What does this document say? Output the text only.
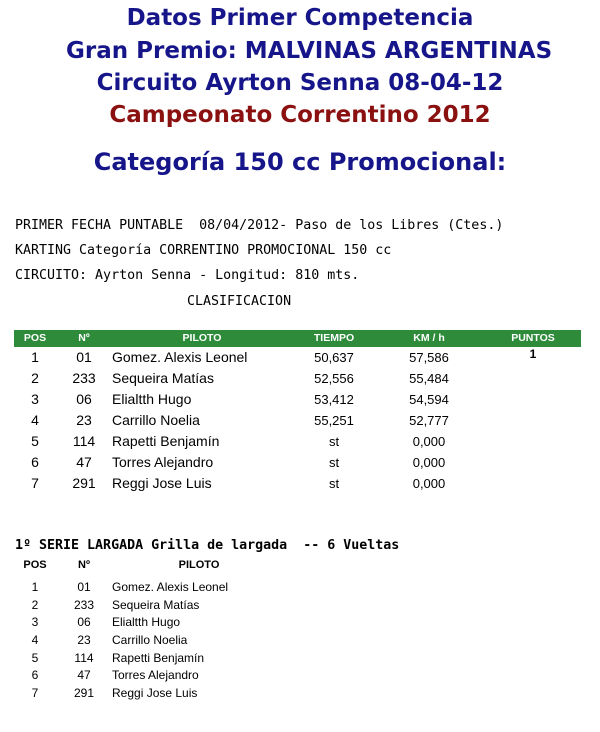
Datos Primer Competencia
Gran Premio: MALVINAS ARGENTINAS
Circuito Ayrton Senna 08-04-12
Campeonato Correntino 2012
Categoría 150 cc Promocional:
PRIMER FECHA PUNTABLE  08/04/2012- Paso de los Libres (Ctes.)
KARTING Categoría CORRENTINO PROMOCIONAL 150 cc
CIRCUITO: Ayrton Senna - Longitud: 810 mts.
CLASIFICACION
POS	Nº	PILOTO	TIEMPO	KM / h	PUNTOS
1	01	Gomez. Alexis Leonel	50,637	57,586	1
2	233	Sequeira Matías	52,556	55,484
3	06	Elialtth Hugo	53,412	54,594
4	23	Carrillo Noelia	55,251	52,777
5	114	Rapetti Benjamín	st	0,000
6	47	Torres Alejandro	st	0,000
7	291	Reggi Jose Luis	st	0,000
1º SERIE LARGADA Grilla de largada  -- 6 Vueltas
POS	Nº	PILOTO
1	01	Gomez. Alexis Leonel
2	233	Sequeira Matías
3	06	Elialtth Hugo
4	23	Carrillo Noelia
5	114	Rapetti Benjamín
6	47	Torres Alejandro
7	291	Reggi Jose Luis
